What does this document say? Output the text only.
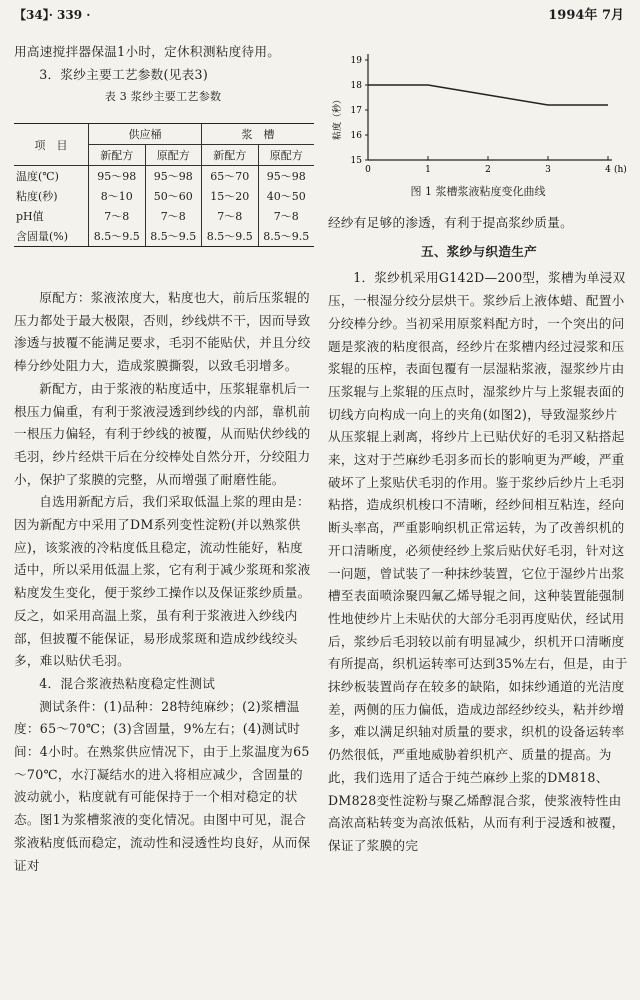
【34】· 339 ·	1994年 7月

用高速搅拌器保温1小时，定休积测粘度待用。

3．浆纱主要工艺参数(见表3)

表 3 浆纱主要工艺参数

项　目	供应桶		浆　槽	
	新配方	原配方	新配方	原配方
温度(℃)	95～98	95～98	65～70	95～98
粘度(秒)	8～10	50～60	15～20	40～50
pH值	7～8	7～8	7～8	7～8
含固量(%)	8.5～9.5	8.5～9.5	8.5～9.5	8.5～9.5

原配方：浆液浓度大，粘度也大，前后压浆辊的压力都处于最大极限，否则，纱线烘不干，因而导致渗透与披覆不能满足要求，毛羽不能贴伏，并且分绞棒分纱处阻力大，造成浆膜撕裂，以致毛羽增多。

新配方，由于浆液的粘度适中，压浆辊靠机后一根压力偏重，有利于浆液浸透到纱线的内部，靠机前一根压力偏轻，有利于纱线的被覆，从而贴伏纱线的毛羽，纱片经烘干后在分绞棒处自然分开，分绞阻力小，保护了浆膜的完整，从而增强了耐磨性能。

自选用新配方后，我们采取低温上浆的理由是：因为新配方中采用了DM系列变性淀粉(并以熟浆供应)，该浆液的冷粘度低且稳定，流动性能好，粘度适中，所以采用低温上浆，它有利于减少浆斑和浆液粘度发生变化，便于浆纱工操作以及保证浆纱质量。反之，如采用高温上浆，虽有利于浆液进入纱线内部，但披覆不能保证，易形成浆斑和造成纱线绞头多，难以贴伏毛羽。

4．混合浆液热粘度稳定性测试

测试条件：(1)品种：28特纯麻纱；(2)浆槽温度：65～70℃；(3)含固量，9%左右；(4)测试时间：4小时。在熟浆供应情况下，由于上浆温度为65～70℃，水汀凝结水的进入将相应减少，含固量的波动就小，粘度就有可能保持于一个相对稳定的状态。图1为浆槽浆液的变化情况。由图中可见，混合浆液粘度低而稳定，流动性和浸透性均良好，从而保证对

粘度（秒）
15
16
17
18
19
0	1	2	3	4 (h)
图 1 浆槽浆液粘度变化曲线

经纱有足够的渗透，有利于提高浆纱质量。

五、浆纱与织造生产

1．浆纱机采用G142D—200型，浆槽为单浸双压，一根湿分绞分层烘干。浆纱后上液体蜡、配置小分绞棒分纱。当初采用原浆料配方时，一个突出的问题是浆液的粘度很高，经纱片在浆槽内经过浸浆和压浆辊的压榨，表面包覆有一层湿粘浆液，湿浆纱片由压浆辊与上浆辊的压点时，湿浆纱片与上浆辊表面的切线方向构成一向上的夹角(如图2)，导致湿浆纱片从压浆辊上剥离，将纱片上已贴伏好的毛羽又粘搭起来，这对于苎麻纱毛羽多而长的影响更为严峻，严重破坏了上浆贴伏毛羽的作用。鉴于浆纱后纱片上毛羽粘搭，造成织机梭口不清晰，经纱间相互粘连，经向断头率高，严重影响织机正常运转，为了改善织机的开口清晰度，必须使经纱上浆后贴伏好毛羽，针对这一问题，曾试装了一种抹纱装置，它位于湿纱片出浆槽至表面喷涂聚四氟乙烯导辊之间，这种装置能强制性地使纱片上未贴伏的大部分毛羽再度贴伏，经试用后，浆纱后毛羽较以前有明显减少，织机开口清晰度有所提高，织机运转率可达到35%左右，但是，由于抹纱板装置尚存在较多的缺陷，如抹纱通道的光洁度差，两侧的压力偏低，造成边部经纱绞头，粘并纱增多，难以满足织轴对质量的要求，织机的设备运转率仍然很低，严重地威胁着织机产、质量的提高。为此，我们选用了适合于纯苎麻纱上浆的DM818、DM828变性淀粉与聚乙烯醇混合浆，使浆液特性由高浓高粘转变为高浓低粘，从而有利于浸透和被覆，保证了浆膜的完
